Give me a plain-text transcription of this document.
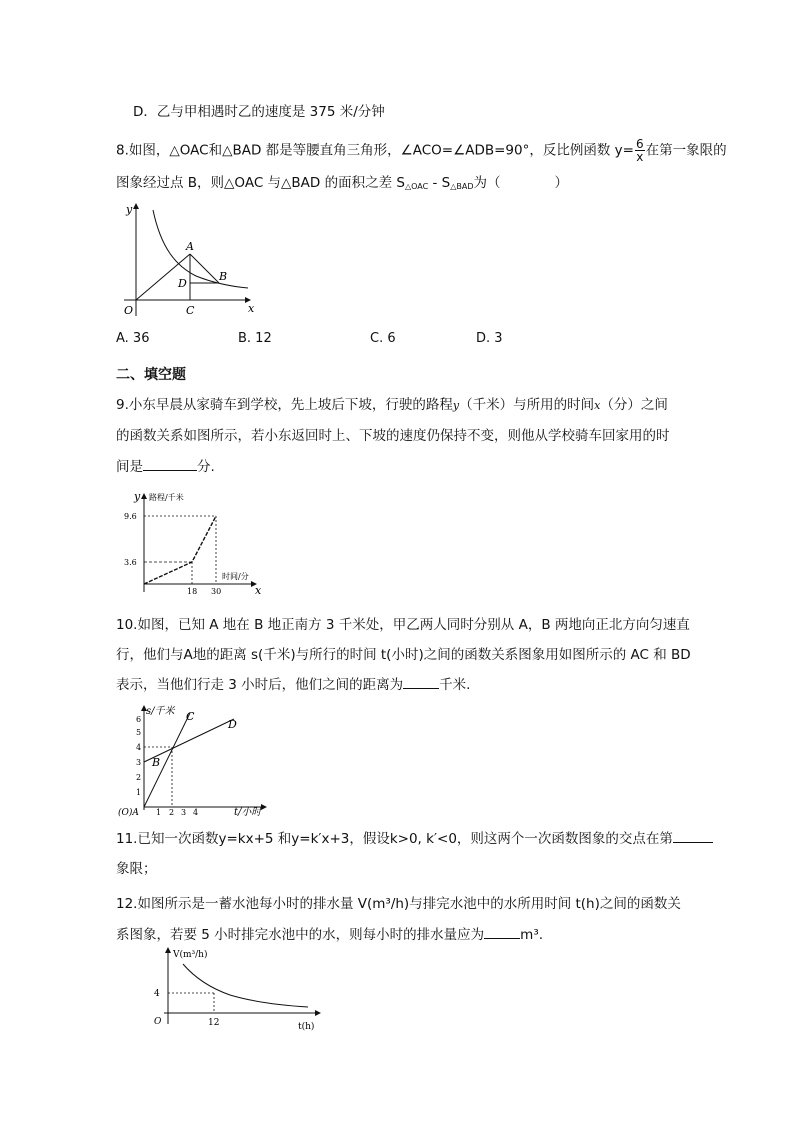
D．乙与甲相遇时乙的速度是 375 米/分钟
8.如图，△OAC和△BAD 都是等腰直角三角形，∠ACO=∠ADB=90°，反比例函数 $y= \frac{6}{x}$ 在第一象限的
图象经过点 B，则△OAC 与△BAD 的面积之差 $S_{\triangle OAC} - S_{\triangle BAD}$为（　　　　）
y
x
O
A
B
C
D
A. 36	B. 12	C. 6	D. 3
二、填空题
9.小东早晨从家骑车到学校，先上坡后下坡，行驶的路程y（千米）与所用的时间x（分）之间
的函数关系如图所示，若小东返回时上、下坡的速度仍保持不变，则他从学校骑车回家用的时
间是	分.
y 路程/千米
9.6
3.6
18 30
时间/分
x
10.如图，已知 A 地在 B 地正南方 3 千米处，甲乙两人同时分别从 A，B 两地向正北方向匀速直
行，他们与A地的距离 s(千米)与所行的时间 t(小时)之间的函数关系图象用如图所示的 AC 和 BD
表示，当他们行走 3 小时后，他们之间的距离为	千米.
s/千米 C
D
B
6
5
4
3
2
1
(O)A 1 2 3 4	t/小时
11.已知一次函数y=kx+5 和y=k′x+3，假设k>0, k′<0，则这两个一次函数图象的交点在第
象限；
12.如图所示是一蓄水池每小时的排水量 V(m³/h)与排完水池中的水所用时间 t(h)之间的函数关
系图象，若要 5 小时排完水池中的水，则每小时的排水量应为	m³.
V(m³/h)
4
O	12	t(h)
